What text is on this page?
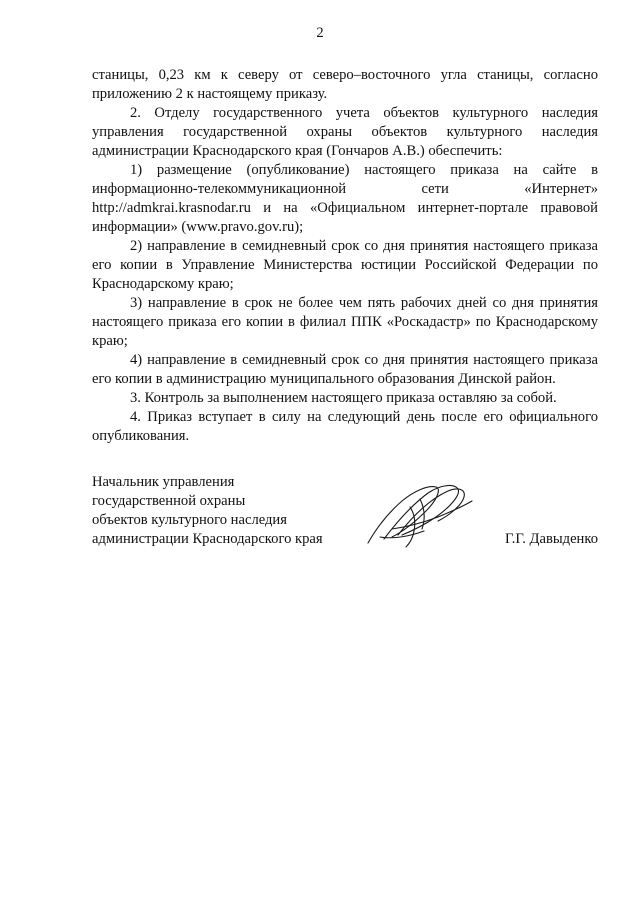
2

станицы, 0,23 км к северу от северо–восточного угла станицы, согласно приложению 2 к настоящему приказу.

2. Отделу государственного учета объектов культурного наследия управления государственной охраны объектов культурного наследия администрации Краснодарского края (Гончаров А.В.) обеспечить:

1) размещение (опубликование) настоящего приказа на сайте в информационно-телекоммуникационной сети «Интернет» http://admkrai.krasnodar.ru и на «Официальном интернет-портале правовой информации» (www.pravo.gov.ru);

2) направление в семидневный срок со дня принятия настоящего приказа его копии в Управление Министерства юстиции Российской Федерации по Краснодарскому краю;

3) направление в срок не более чем пять рабочих дней со дня принятия настоящего приказа его копии в филиал ППК «Роскадастр» по Краснодарскому краю;

4) направление в семидневный срок со дня принятия настоящего приказа его копии в администрацию муниципального образования Динской район.

3. Контроль за выполнением настоящего приказа оставляю за собой.

4. Приказ вступает в силу на следующий день после его официального опубликования.

Начальник управления
государственной охраны
объектов культурного наследия
администрации Краснодарского края	Г.Г. Давыденко
